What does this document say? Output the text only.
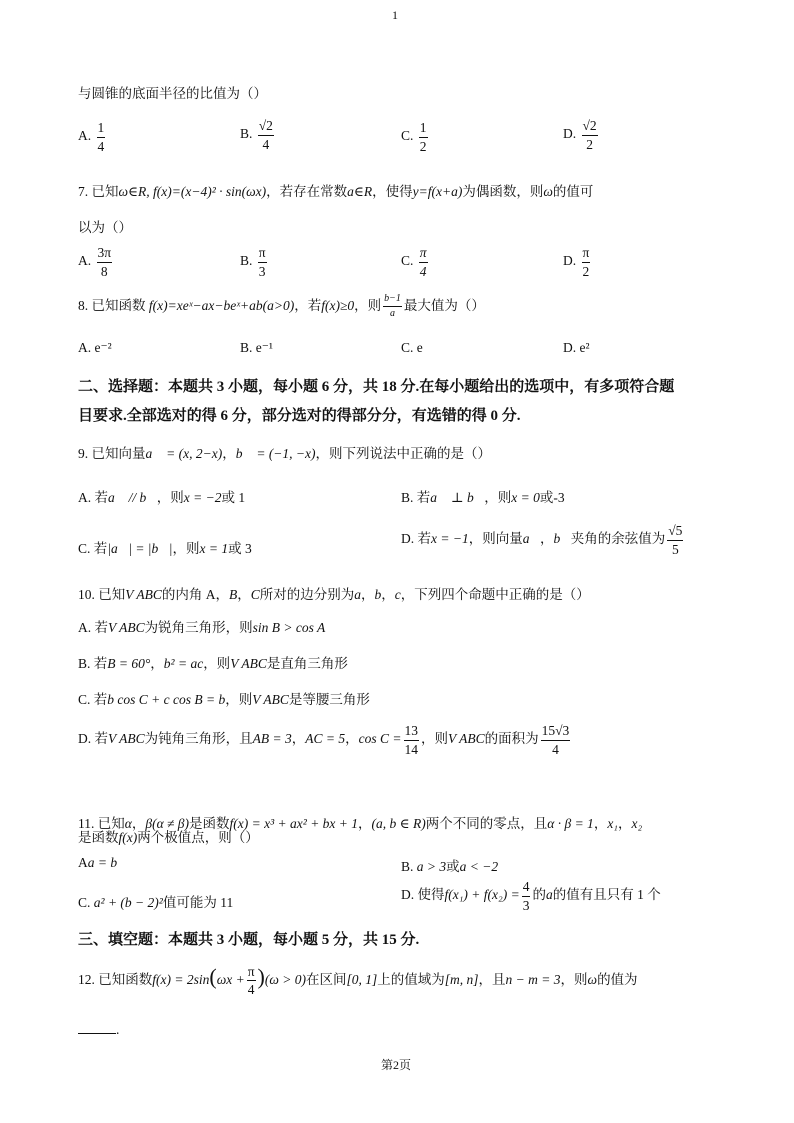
1
与圆锥的底面半径的比值为（）
A. $\frac{1}{4}$	B. $\frac{√2}{4}$	C. $\frac{1}{2}$	D. $\frac{√2}{2}$
7. 已知ω∈R, f(x)=(x−4)² · sin(ωx)，若存在常数a∈R，使得y=f(x+a)为偶函数，则ω的值可
以为（）
A. $\frac{3\pi}{8}$	B. $\frac{\pi}{3}$	C. $\frac{\pi}{4}$	D. $\frac{\pi}{2}$
8. 已知函数 f(x)=xeˣ−ax−beˣ+ab(a>0)，若f(x)≥0，则 $\frac{b-1}{a}$ 最大值为（）
A. e⁻²	B. e⁻¹	C. e	D. e²
二、选择题：本题共 3 小题，每小题 6 分，共 18 分.在每小题给出的选项中，有多项符合题
目要求.全部选对的得 6 分，部分选对的得部分分，有选错的得 0 分.
9. 已知向量a⃗ = (x, 2−x)，b⃗ = (−1, −x)，则下列说法中正确的是（）
A. 若a⃗ // b⃗，则x = −2或 1	B. 若a⃗ ⊥ b⃗，则x = 0或-3
C. 若|a⃗| = |b⃗|，则x = 1或 3
D. 若x = −1，则向量a⃗，b⃗夹角的余弦值为 $\frac{√5}{5}$
10. 已知V ABC的内角 A，B，C所对的边分别为a，b，c，下列四个命题中正确的是（）
A. 若V ABC为锐角三角形，则sin B > cos A
B. 若B = 60°，b² = ac，则V ABC是直角三角形
C. 若b cos C + c cos B = b，则V ABC是等腰三角形
D. 若V ABC为钝角三角形，且AB = 3，AC = 5，$\cos C = \frac{13}{14}$ ，则V ABC的面积为 $\frac{15√3}{4}$
11. 已知α，β(α ≠ β)是函数f(x) = x³ + ax² + bx + 1，(a, b ∈ R)两个不同的零点，且α · β = 1，x₁，x₂
是函数f(x)两个极值点，则（）
Aa = b	B. a > 3或a < −2
C. a² + (b − 2)²值可能为 11
D. 使得$f(x_1) + f(x_2) = \frac{4}{3}$ 的a的值有且只有 1 个
三、填空题：本题共 3 小题，每小题 5 分，共 15 分.
12. 已知函数$f(x) = 2\sin(\omega x + \frac{\pi}{4} )(\omega > 0)$在区间[0, 1]上的值域为[m, n]，且n − m = 3，则ω的值为
.
第2页
